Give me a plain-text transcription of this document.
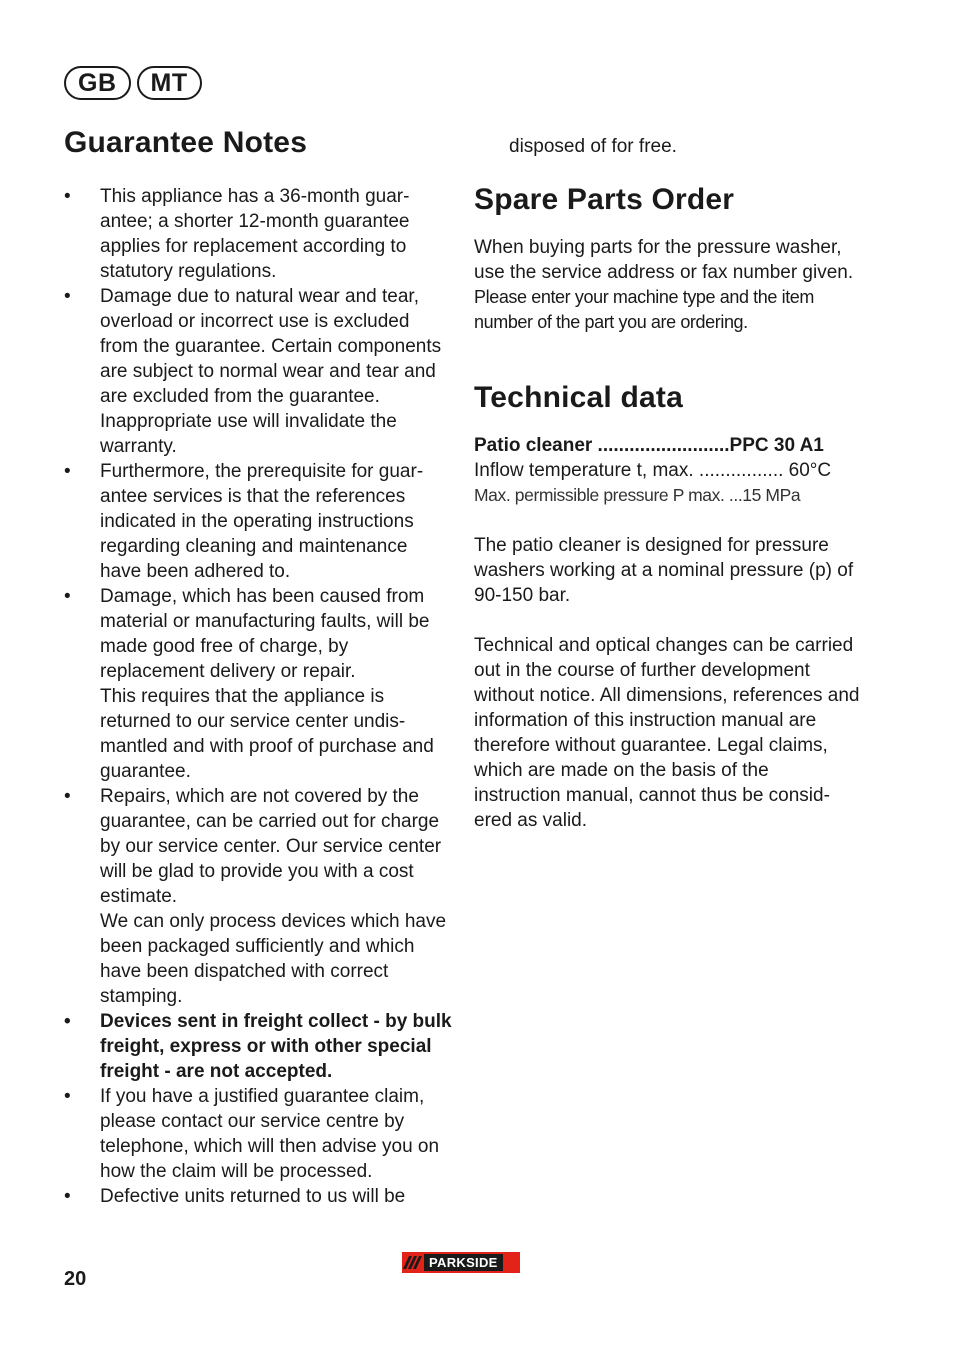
GB	MT
Guarantee Notes
•	This appliance has a 36-month guarantee; a shorter 12-month guarantee applies for replacement according to statutory regulations.
•	Damage due to natural wear and tear, overload or incorrect use is excluded from the guarantee. Certain components are subject to normal wear and tear and are excluded from the guarantee. Inappropriate use will invalidate the warranty.
•	Furthermore, the prerequisite for guarantee services is that the references indicated in the operating instructions regarding cleaning and maintenance have been adhered to.
•	Damage, which has been caused from material or manufacturing faults, will be made good free of charge, by replacement delivery or repair.
This requires that the appliance is returned to our service center undismantled and with proof of purchase and guarantee.
•	Repairs, which are not covered by the guarantee, can be carried out for charge by our service center. Our service center will be glad to provide you with a cost estimate.
We can only process devices which have been packaged sufficiently and which have been dispatched with correct stamping.
•	Devices sent in freight collect - by bulk freight, express or with other special freight - are not accepted.
•	If you have a justified guarantee claim, please contact our service centre by telephone, which will then advise you on how the claim will be processed.
•	Defective units returned to us will be

disposed of for free.

Spare Parts Order

When buying parts for the pressure washer, use the service address or fax number given.

Please enter your machine type and the item number of the part you are ordering.

Technical data
Patio cleaner .........................PPC 30 A1
Inflow temperature t, max. ................ 60°C
Max. permissible pressure P max. ...15 MPa

The patio cleaner is designed for pressure washers working at a nominal pressure (p) of 90-150 bar.

Technical and optical changes can be carried out in the course of further development without notice. All dimensions, references and information of this instruction manual are therefore without guarantee. Legal claims, which are made on the basis of the instruction manual, cannot thus be considered as valid.

20
PARKSIDE
